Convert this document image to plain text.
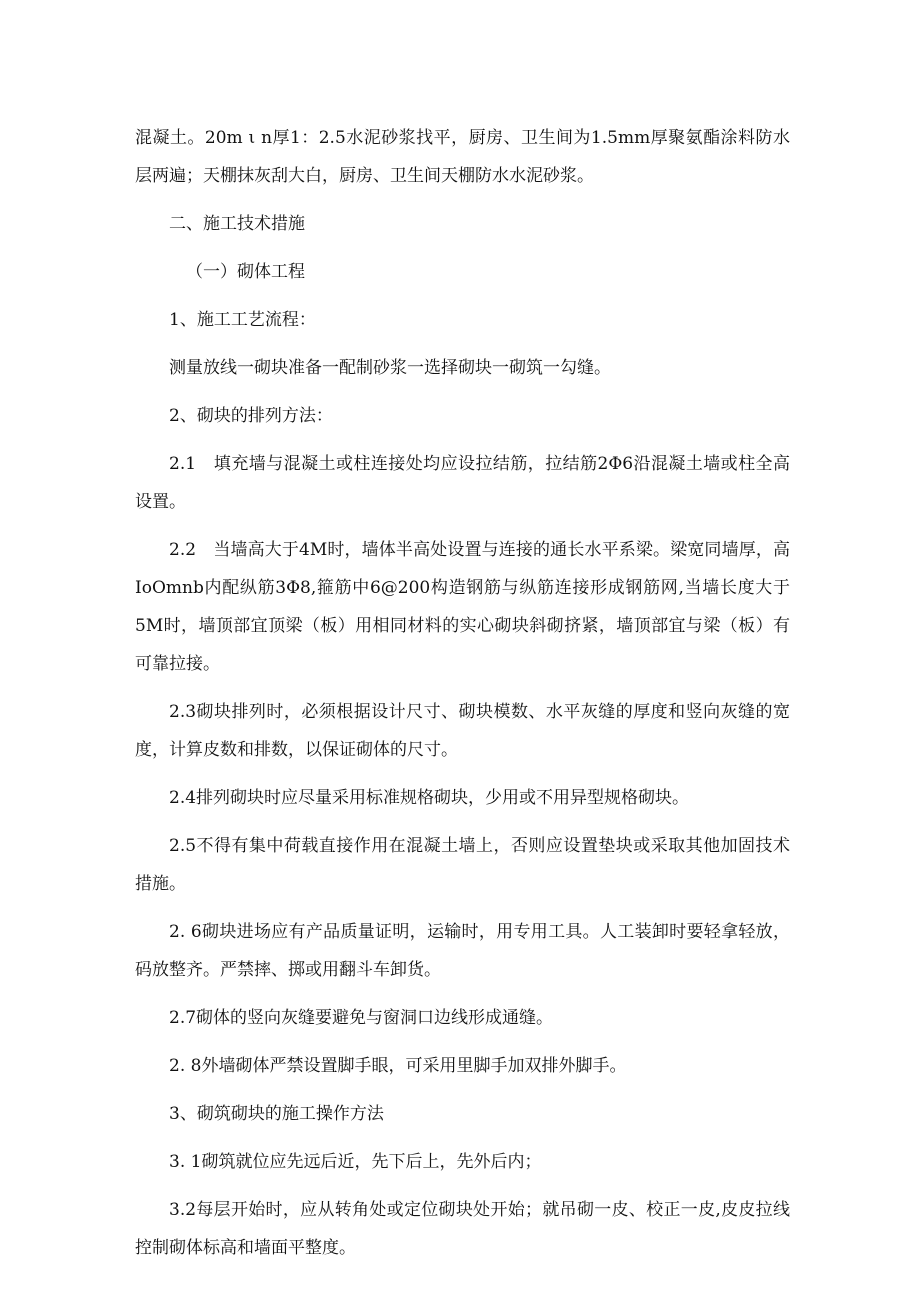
混凝土。20m ι n厚1：2.5水泥砂浆找平，厨房、卫生间为1.5mm厚聚氨酯涂料防水层两遍；天棚抹灰刮大白，厨房、卫生间天棚防水水泥砂浆。

二、施工技术措施

（一）砌体工程

1、施工工艺流程：

测量放线一砌块准备一配制砂浆一选择砌块一砌筑一勾缝。

2、砌块的排列方法：

2.1　填充墙与混凝土或柱连接处均应设拉结筋，拉结筋2Φ6沿混凝土墙或柱全高设置。

2.2　当墙高大于4M时，墙体半高处设置与连接的通长水平系梁。梁宽同墙厚，高IoOmnb内配纵筋3Φ8,箍筋中6@200构造钢筋与纵筋连接形成钢筋网,当墙长度大于5M时，墙顶部宜顶梁（板）用相同材料的实心砌块斜砌挤紧，墙顶部宜与梁（板）有可靠拉接。

2.3砌块排列时，必须根据设计尺寸、砌块模数、水平灰缝的厚度和竖向灰缝的宽度，计算皮数和排数，以保证砌体的尺寸。

2.4排列砌块时应尽量采用标准规格砌块，少用或不用异型规格砌块。

2.5不得有集中荷载直接作用在混凝土墙上，否则应设置垫块或采取其他加固技术措施。

2. 6砌块进场应有产品质量证明，运输时，用专用工具。人工装卸时要轻拿轻放，码放整齐。严禁摔、掷或用翻斗车卸货。

2.7砌体的竖向灰缝要避免与窗洞口边线形成通缝。

2. 8外墙砌体严禁设置脚手眼，可采用里脚手加双排外脚手。

3、砌筑砌块的施工操作方法

3. 1砌筑就位应先远后近，先下后上，先外后内；

3.2每层开始时，应从转角处或定位砌块处开始；就吊砌一皮、校正一皮,皮皮拉线控制砌体标高和墙面平整度。
